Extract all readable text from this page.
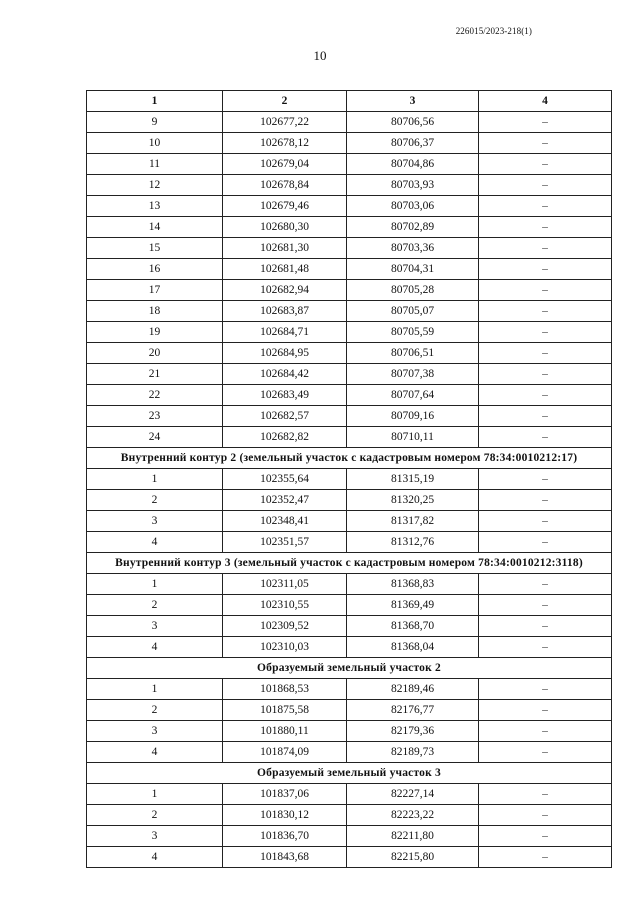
226015/2023-218(1)
10
1	2	3	4
9	102677,22	80706,56	–
10	102678,12	80706,37	–
11	102679,04	80704,86	–
12	102678,84	80703,93	–
13	102679,46	80703,06	–
14	102680,30	80702,89	–
15	102681,30	80703,36	–
16	102681,48	80704,31	–
17	102682,94	80705,28	–
18	102683,87	80705,07	–
19	102684,71	80705,59	–
20	102684,95	80706,51	–
21	102684,42	80707,38	–
22	102683,49	80707,64	–
23	102682,57	80709,16	–
24	102682,82	80710,11	–
Внутренний контур 2 (земельный участок с кадастровым номером 78:34:0010212:17)			
1	102355,64	81315,19	–
2	102352,47	81320,25	–
3	102348,41	81317,82	–
4	102351,57	81312,76	–
Внутренний контур 3 (земельный участок с кадастровым номером 78:34:0010212:3118)			
1	102311,05	81368,83	–
2	102310,55	81369,49	–
3	102309,52	81368,70	–
4	102310,03	81368,04	–
Образуемый земельный участок 2			
1	101868,53	82189,46	–
2	101875,58	82176,77	–
3	101880,11	82179,36	–
4	101874,09	82189,73	–
Образуемый земельный участок 3			
1	101837,06	82227,14	–
2	101830,12	82223,22	–
3	101836,70	82211,80	–
4	101843,68	82215,80	–
